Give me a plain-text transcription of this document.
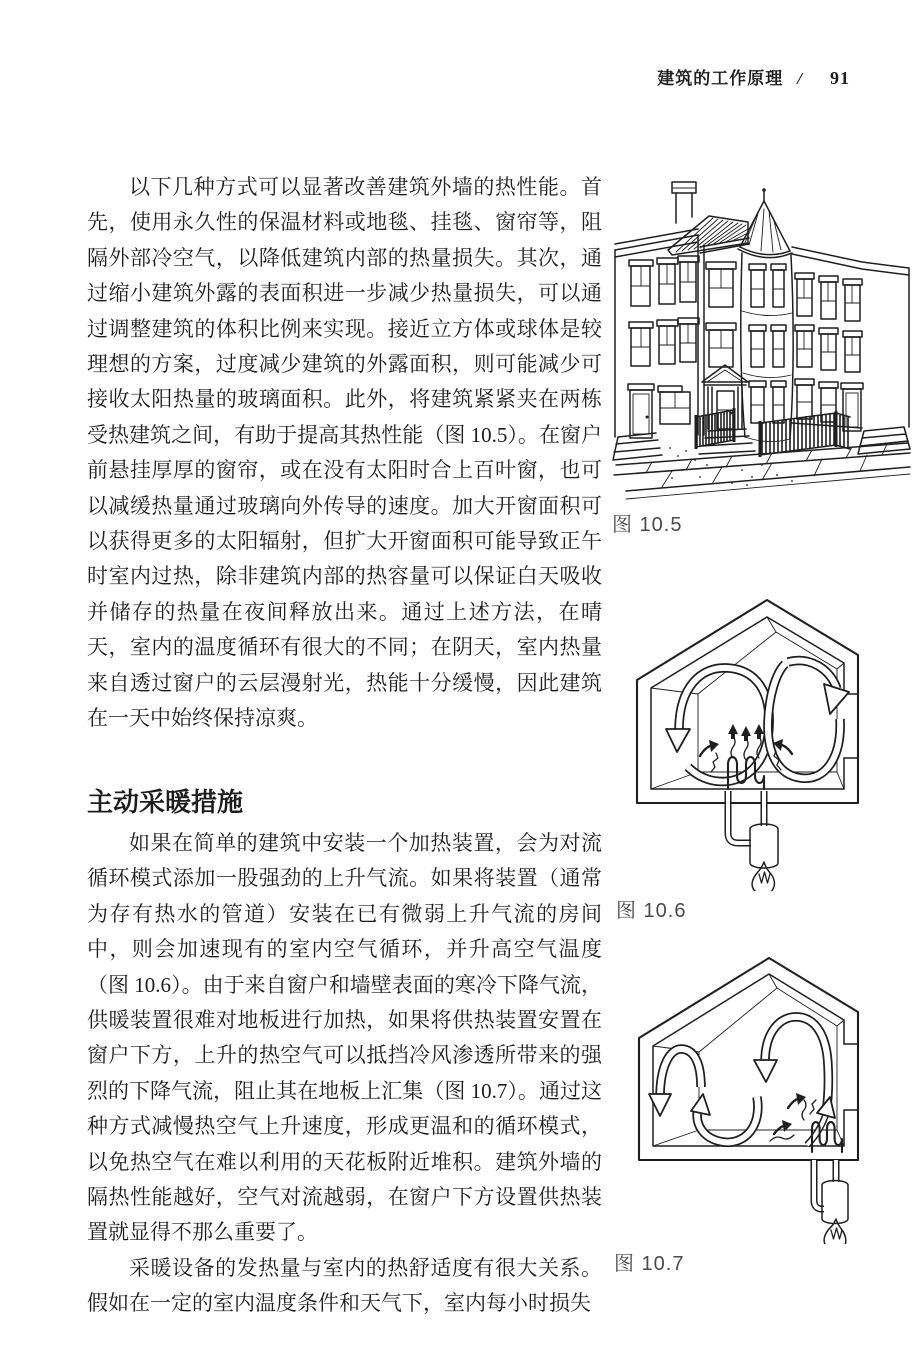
建筑的工作原理 / 91

以下几种方式可以显著改善建筑外墙的热性能。首先，使用永久性的保温材料或地毯、挂毯、窗帘等，阻隔外部冷空气，以降低建筑内部的热量损失。其次，通过缩小建筑外露的表面积进一步减少热量损失，可以通过调整建筑的体积比例来实现。接近立方体或球体是较理想的方案，过度减少建筑的外露面积，则可能减少可接收太阳热量的玻璃面积。此外，将建筑紧紧夹在两栋受热建筑之间，有助于提高其热性能（图 10.5）。在窗户前悬挂厚厚的窗帘，或在没有太阳时合上百叶窗，也可以减缓热量通过玻璃向外传导的速度。加大开窗面积可以获得更多的太阳辐射，但扩大开窗面积可能导致正午时室内过热，除非建筑内部的热容量可以保证白天吸收并储存的热量在夜间释放出来。通过上述方法，在晴天，室内的温度循环有很大的不同；在阴天，室内热量来自透过窗户的云层漫射光，热能十分缓慢，因此建筑在一天中始终保持凉爽。

主动采暖措施

如果在简单的建筑中安装一个加热装置，会为对流循环模式添加一股强劲的上升气流。如果将装置（通常为存有热水的管道）安装在已有微弱上升气流的房间中，则会加速现有的室内空气循环，并升高空气温度（图 10.6）。由于来自窗户和墙壁表面的寒冷下降气流，供暖装置很难对地板进行加热，如果将供热装置安置在窗户下方，上升的热空气可以抵挡冷风渗透所带来的强烈的下降气流，阻止其在地板上汇集（图 10.7）。通过这种方式减慢热空气上升速度，形成更温和的循环模式，以免热空气在难以利用的天花板附近堆积。建筑外墙的隔热性能越好，空气对流越弱，在窗户下方设置供热装置就显得不那么重要了。

采暖设备的发热量与室内的热舒适度有很大关系。假如在一定的室内温度条件和天气下，室内每小时损失

图 10.5
图 10.6
图 10.7
